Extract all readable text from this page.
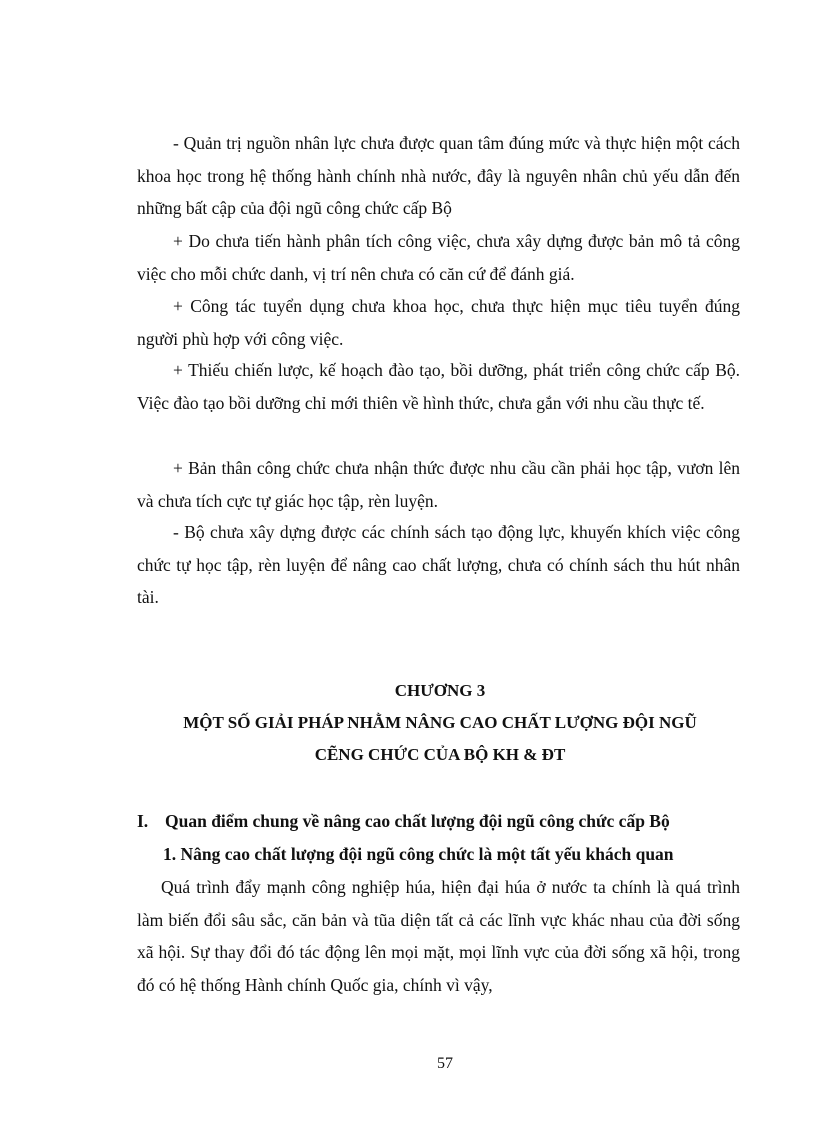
- Quản trị nguồn nhân lực chưa được quan tâm đúng mức và thực hiện một cách khoa học trong hệ thống hành chính nhà nước, đây là nguyên nhân chủ yếu dẫn đến những bất cập của đội ngũ công chức cấp Bộ

+ Do chưa tiến hành phân tích công việc, chưa xây dựng được bản mô tả công việc cho mỗi chức danh, vị trí nên chưa có căn cứ để đánh giá.

+ Công tác tuyển dụng chưa khoa học, chưa thực hiện mục tiêu tuyển đúng người phù hợp với công việc.

+ Thiếu chiến lược, kế hoạch đào tạo, bồi dưỡng, phát triển công chức cấp Bộ. Việc đào tạo bồi dưỡng chỉ mới thiên về hình thức, chưa gắn với nhu cầu thực tế.

+ Bản thân công chức chưa nhận thức được nhu cầu cần phải học tập, vươn lên và chưa tích cực tự giác học tập, rèn luyện.

- Bộ chưa xây dựng được các chính sách tạo động lực, khuyến khích việc công chức tự học tập, rèn luyện để nâng cao chất lượng, chưa có chính sách thu hút nhân tài.

CHƯƠNG 3

MỘT SỐ GIẢI PHÁP NHẰM NÂNG CAO CHẤT LƯỢNG ĐỘI NGŨ

CẼNG CHỨC CỦA BỘ KH & ĐT

I. Quan điểm chung về nâng cao chất lượng đội ngũ công chức cấp Bộ

1. Nâng cao chất lượng đội ngũ công chức là một tất yếu khách quan

Quá trình đẩy mạnh công nghiệp húa, hiện đại húa ở nước ta chính là quá trình làm biến đổi sâu sắc, căn bản và tũa diện tất cả các lĩnh vực khác nhau của đời sống xã hội. Sự thay đổi đó tác động lên mọi mặt, mọi lĩnh vực của đời sống xã hội, trong đó có hệ thống Hành chính Quốc gia, chính vì vậy,

57
